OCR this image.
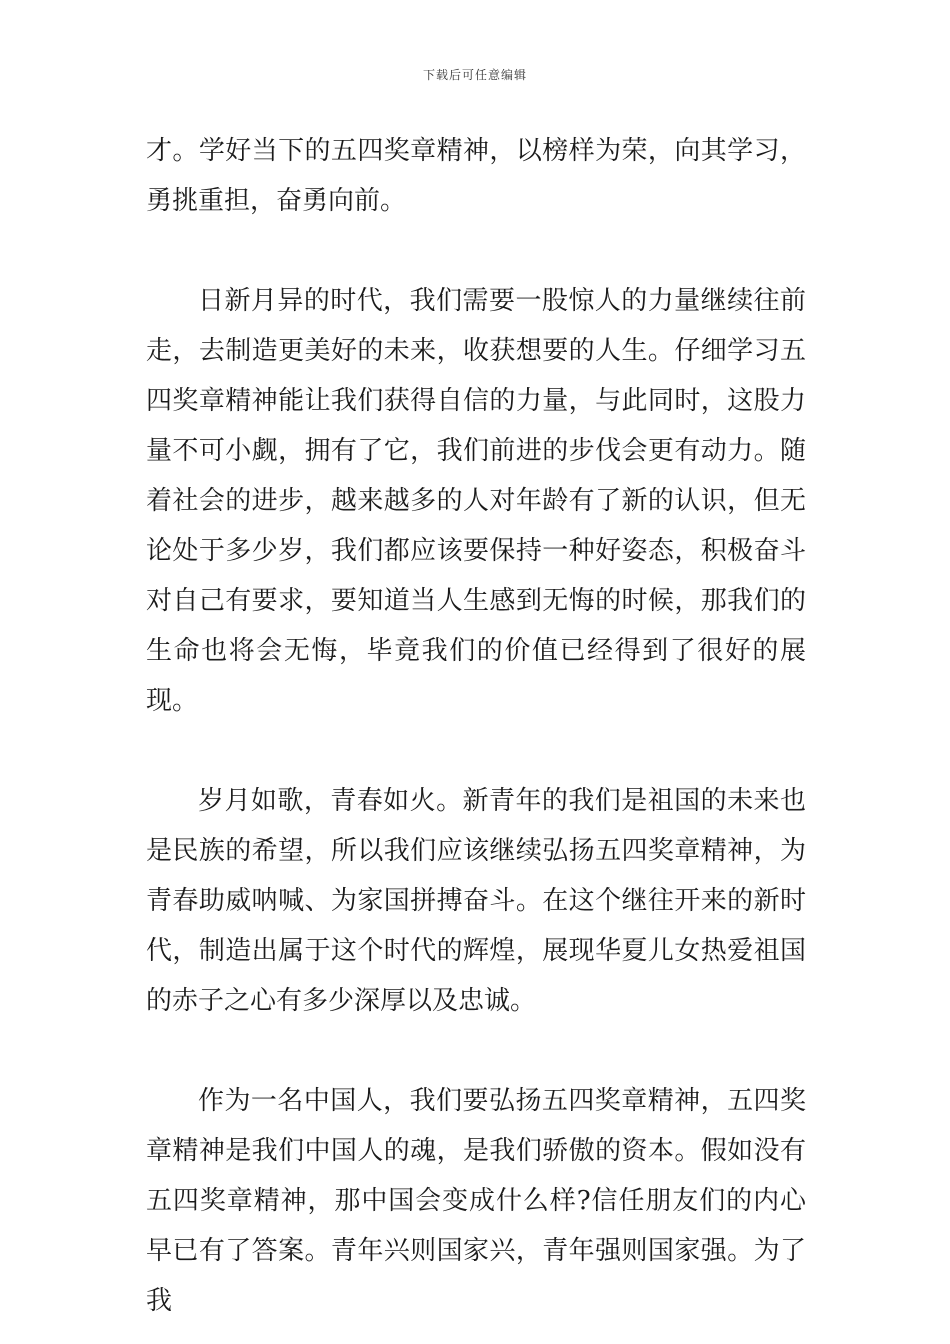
下载后可任意编辑

才。学好当下的五四奖章精神，以榜样为荣，向其学习，勇挑重担，奋勇向前。

日新月异的时代，我们需要一股惊人的力量继续往前走，去制造更美好的未来，收获想要的人生。仔细学习五四奖章精神能让我们获得自信的力量，与此同时，这股力量不可小觑，拥有了它，我们前进的步伐会更有动力。随着社会的进步，越来越多的人对年龄有了新的认识，但无论处于多少岁，我们都应该要保持一种好姿态，积极奋斗对自己有要求，要知道当人生感到无悔的时候，那我们的生命也将会无悔，毕竟我们的价值已经得到了很好的展现。

岁月如歌，青春如火。新青年的我们是祖国的未来也是民族的希望，所以我们应该继续弘扬五四奖章精神，为青春助威呐喊、为家国拼搏奋斗。在这个继往开来的新时代，制造出属于这个时代的辉煌，展现华夏儿女热爱祖国的赤子之心有多少深厚以及忠诚。

作为一名中国人，我们要弘扬五四奖章精神，五四奖章精神是我们中国人的魂，是我们骄傲的资本。假如没有五四奖章精神，那中国会变成什么样?信任朋友们的内心早已有了答案。青年兴则国家兴，青年强则国家强。为了我
